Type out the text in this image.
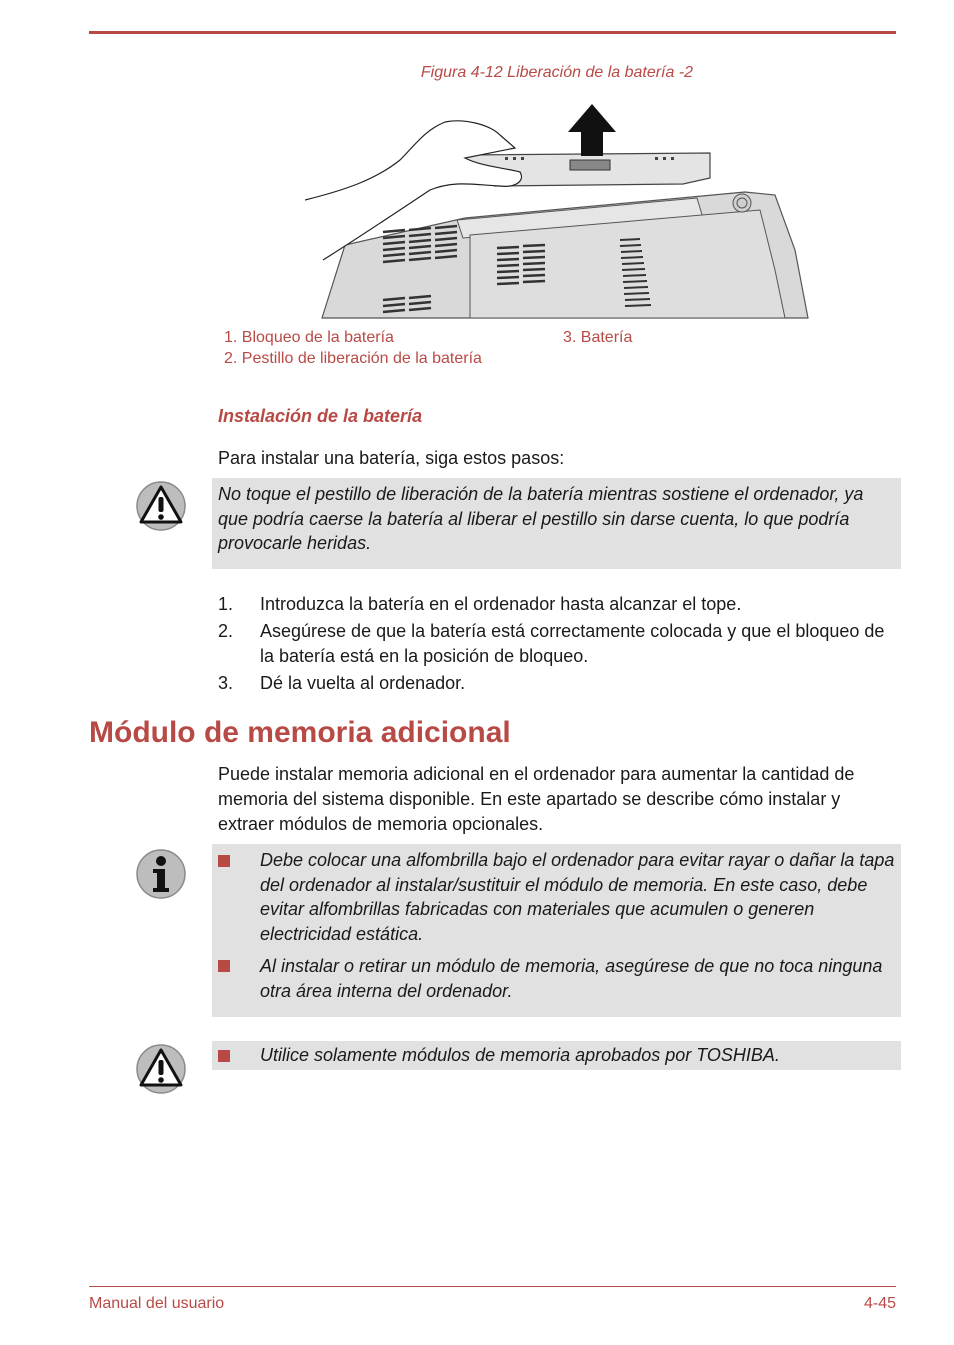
Figura 4-12 Liberación de la batería -2
1. Bloqueo de la batería
2. Pestillo de liberación de la batería
3. Batería
Instalación de la batería
Para instalar una batería, siga estos pasos:
No toque el pestillo de liberación de la batería mientras sostiene el ordenador, ya que podría caerse la batería al liberar el pestillo sin darse cuenta, lo que podría provocarle heridas.
1. Introduzca la batería en el ordenador hasta alcanzar el tope.
2. Asegúrese de que la batería está correctamente colocada y que el bloqueo de la batería está en la posición de bloqueo.
3. Dé la vuelta al ordenador.
Módulo de memoria adicional
Puede instalar memoria adicional en el ordenador para aumentar la cantidad de memoria del sistema disponible. En este apartado se describe cómo instalar y extraer módulos de memoria opcionales.
Debe colocar una alfombrilla bajo el ordenador para evitar rayar o dañar la tapa del ordenador al instalar/sustituir el módulo de memoria. En este caso, debe evitar alfombrillas fabricadas con materiales que acumulen o generen electricidad estática.
Al instalar o retirar un módulo de memoria, asegúrese de que no toca ninguna otra área interna del ordenador.
Utilice solamente módulos de memoria aprobados por TOSHIBA.
Manual del usuario	4-45
